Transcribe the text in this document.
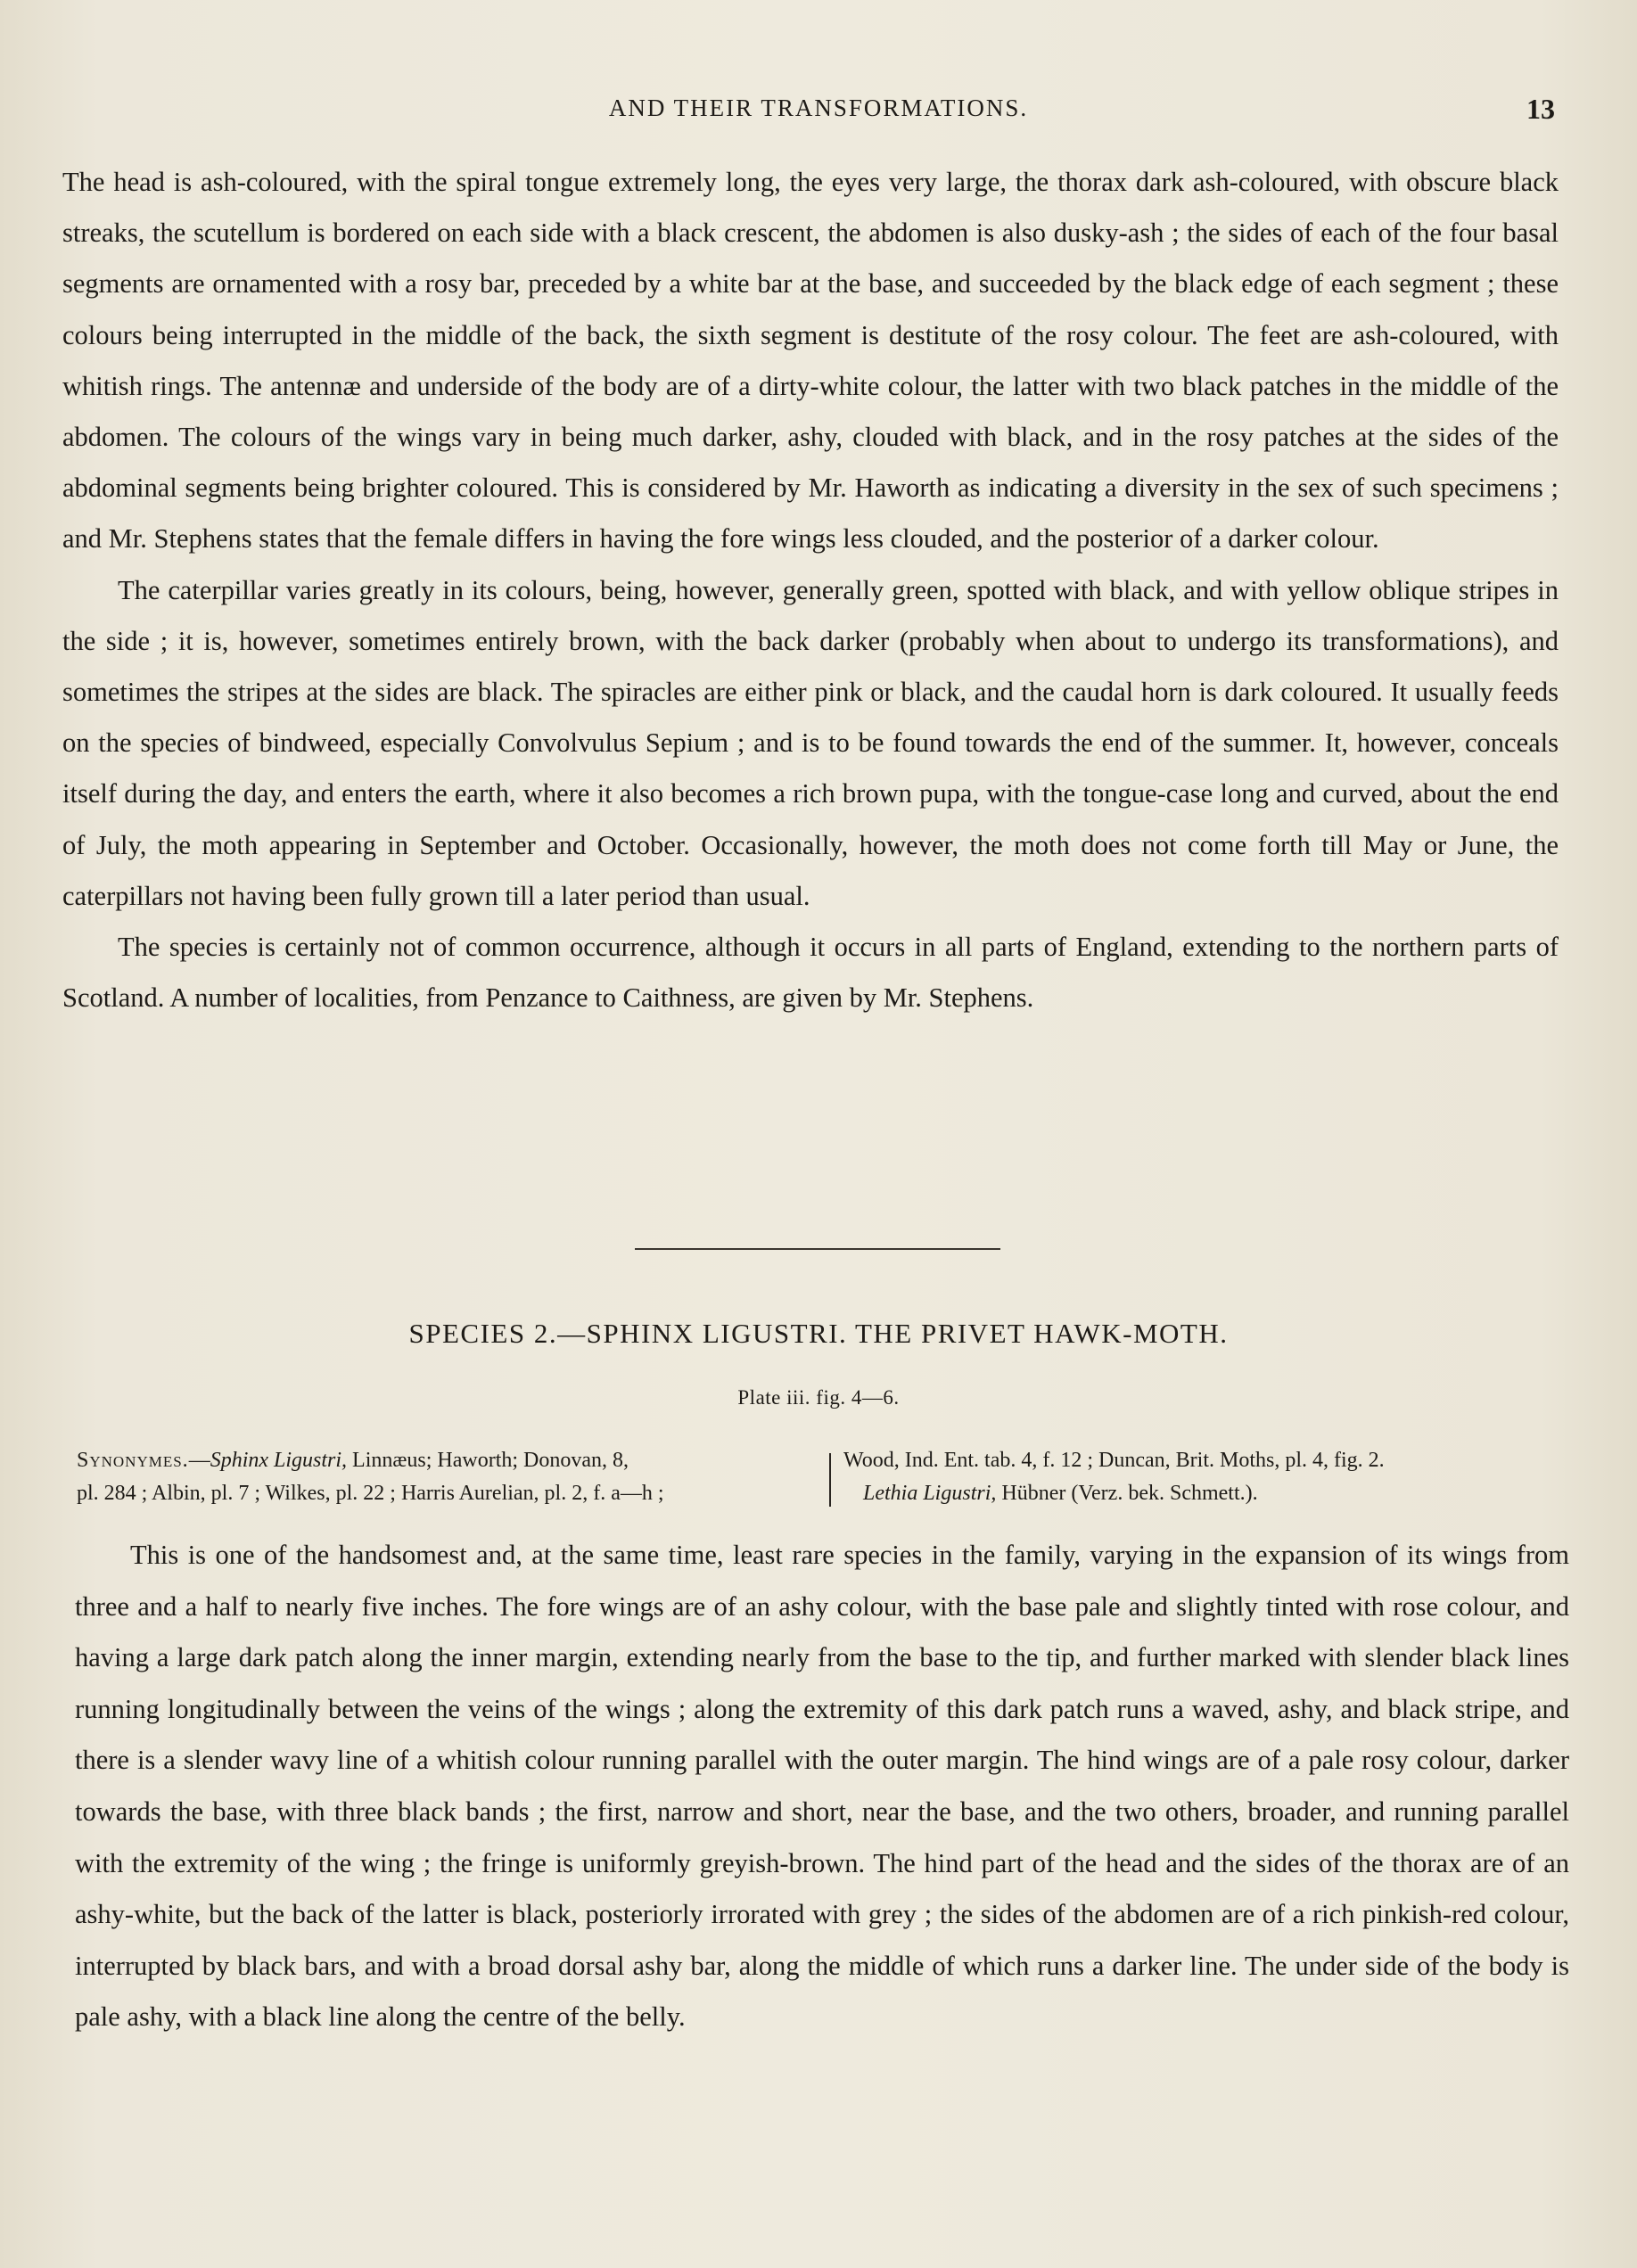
AND THEIR TRANSFORMATIONS.	13

The head is ash-coloured, with the spiral tongue extremely long, the eyes very large, the thorax dark ash-coloured, with obscure black streaks, the scutellum is bordered on each side with a black crescent, the abdomen is also dusky-ash ; the sides of each of the four basal segments are ornamented with a rosy bar, preceded by a white bar at the base, and succeeded by the black edge of each segment ; these colours being interrupted in the middle of the back, the sixth segment is destitute of the rosy colour. The feet are ash-coloured, with whitish rings. The antennæ and underside of the body are of a dirty-white colour, the latter with two black patches in the middle of the abdomen. The colours of the wings vary in being much darker, ashy, clouded with black, and in the rosy patches at the sides of the abdominal segments being brighter coloured. This is considered by Mr. Haworth as indicating a diversity in the sex of such specimens ; and Mr. Stephens states that the female differs in having the fore wings less clouded, and the posterior of a darker colour.

The caterpillar varies greatly in its colours, being, however, generally green, spotted with black, and with yellow oblique stripes in the side ; it is, however, sometimes entirely brown, with the back darker (probably when about to undergo its transformations), and sometimes the stripes at the sides are black. The spiracles are either pink or black, and the caudal horn is dark coloured. It usually feeds on the species of bindweed, especially Convolvulus Sepium ; and is to be found towards the end of the summer. It, however, conceals itself during the day, and enters the earth, where it also becomes a rich brown pupa, with the tongue-case long and curved, about the end of July, the moth appearing in September and October. Occasionally, however, the moth does not come forth till May or June, the caterpillars not having been fully grown till a later period than usual.

The species is certainly not of common occurrence, although it occurs in all parts of England, extending to the northern parts of Scotland. A number of localities, from Penzance to Caithness, are given by Mr. Stephens.

SPECIES 2.—SPHINX LIGUSTRI. THE PRIVET HAWK-MOTH.
Plate iii. fig. 4—6.
Synonymes.—Sphinx Ligustri, Linnæus; Haworth; Donovan, 8,
pl. 284 ; Albin, pl. 7 ; Wilkes, pl. 22 ; Harris Aurelian, pl. 2, f. a—h ;
Wood, Ind. Ent. tab. 4, f. 12 ; Duncan, Brit. Moths, pl. 4, fig. 2.
Lethia Ligustri, Hübner (Verz. bek. Schmett.).

This is one of the handsomest and, at the same time, least rare species in the family, varying in the expansion of its wings from three and a half to nearly five inches. The fore wings are of an ashy colour, with the base pale and slightly tinted with rose colour, and having a large dark patch along the inner margin, extending nearly from the base to the tip, and further marked with slender black lines running longitudinally between the veins of the wings ; along the extremity of this dark patch runs a waved, ashy, and black stripe, and there is a slender wavy line of a whitish colour running parallel with the outer margin. The hind wings are of a pale rosy colour, darker towards the base, with three black bands ; the first, narrow and short, near the base, and the two others, broader, and running parallel with the extremity of the wing ; the fringe is uniformly greyish-brown. The hind part of the head and the sides of the thorax are of an ashy-white, but the back of the latter is black, posteriorly irrorated with grey ; the sides of the abdomen are of a rich pinkish-red colour, interrupted by black bars, and with a broad dorsal ashy bar, along the middle of which runs a darker line. The under side of the body is pale ashy, with a black line along the centre of the belly.
